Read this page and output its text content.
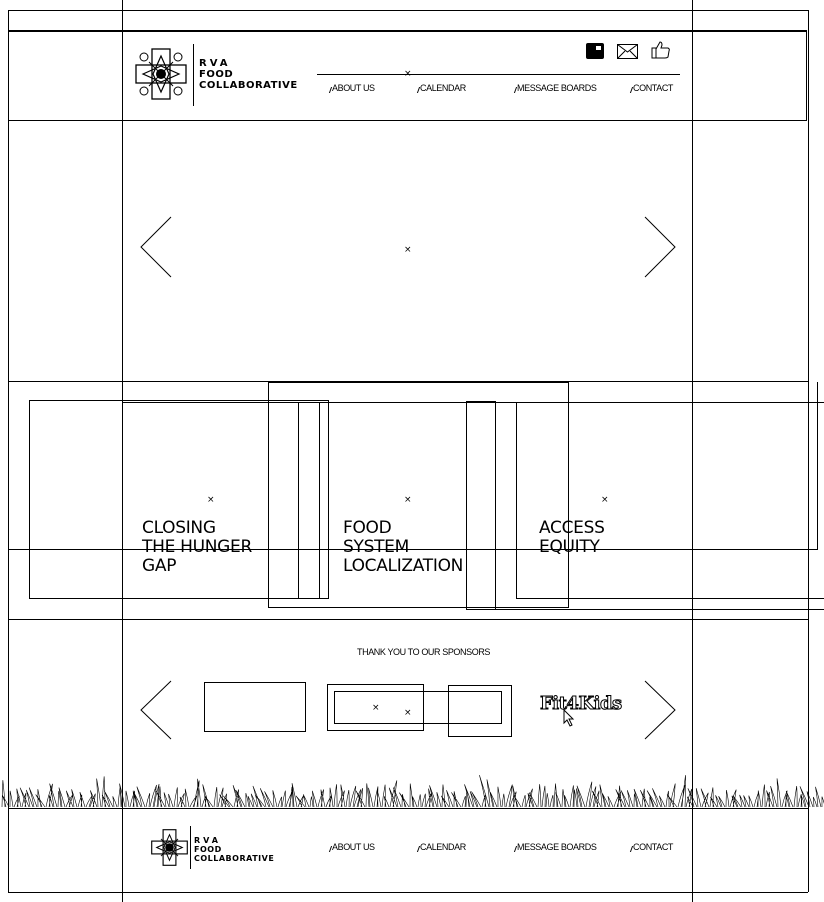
RVA
FOOD
COLLABORATIVE
×
ABOUT US	CALENDAR	MESSAGE BOARDS	CONTACT
×
×	×	×
CLOSING
THE HUNGER
GAP
FOOD
SYSTEM
LOCALIZATION
ACCESS
EQUITY
THANK YOU TO OUR SPONSORS
×	×	Fit4Kids
RVA
FOOD
COLLABORATIVE
ABOUT US	CALENDAR	MESSAGE BOARDS	CONTACT
